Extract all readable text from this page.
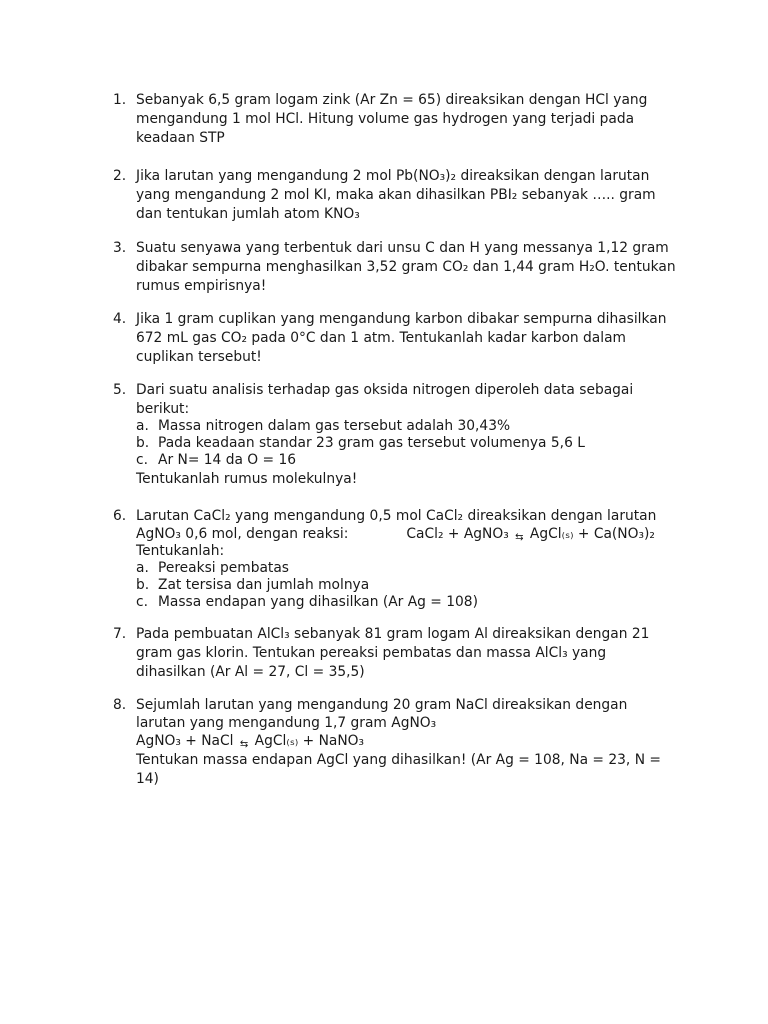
1. Sebanyak 6,5 gram logam zink (Ar Zn = 65) direaksikan dengan HCl yang
mengandung 1 mol HCl. Hitung volume gas hydrogen yang terjadi pada
keadaan STP
2. Jika larutan yang mengandung 2 mol Pb(NO₃)₂ direaksikan dengan larutan
yang mengandung 2 mol KI, maka akan dihasilkan PBI₂ sebanyak ….. gram
dan tentukan jumlah atom KNO₃
3. Suatu senyawa yang terbentuk dari unsu C dan H yang messanya 1,12 gram
dibakar sempurna menghasilkan 3,52 gram CO₂ dan 1,44 gram H₂O. tentukan
rumus empirisnya!
4. Jika 1 gram cuplikan yang mengandung karbon dibakar sempurna dihasilkan
672 mL gas CO₂ pada 0°C dan 1 atm. Tentukanlah kadar karbon dalam
cuplikan tersebut!
5. Dari suatu analisis terhadap gas oksida nitrogen diperoleh data sebagai
berikut:
a. Massa nitrogen dalam gas tersebut adalah 30,43%
b. Pada keadaan standar 23 gram gas tersebut volumenya 5,6 L
c. Ar N= 14 da O = 16
Tentukanlah rumus molekulnya!
6. Larutan CaCl₂ yang mengandung 0,5 mol CaCl₂ direaksikan dengan larutan
AgNO₃ 0,6 mol, dengan reaksi:	CaCl₂ + AgNO₃ ⇆ AgCl₍ₛ₎ + Ca(NO₃)₂
Tentukanlah:
a. Pereaksi pembatas
b. Zat tersisa dan jumlah molnya
c. Massa endapan yang dihasilkan (Ar Ag = 108)
7. Pada pembuatan AlCl₃ sebanyak 81 gram logam Al direaksikan dengan 21
gram gas klorin. Tentukan pereaksi pembatas dan massa AlCl₃ yang
dihasilkan (Ar Al = 27, Cl = 35,5)
8. Sejumlah larutan yang mengandung 20 gram NaCl direaksikan dengan
larutan yang mengandung 1,7 gram AgNO₃
AgNO₃ + NaCl ⇆ AgCl₍ₛ₎ + NaNO₃
Tentukan massa endapan AgCl yang dihasilkan! (Ar Ag = 108, Na = 23, N =
14)
